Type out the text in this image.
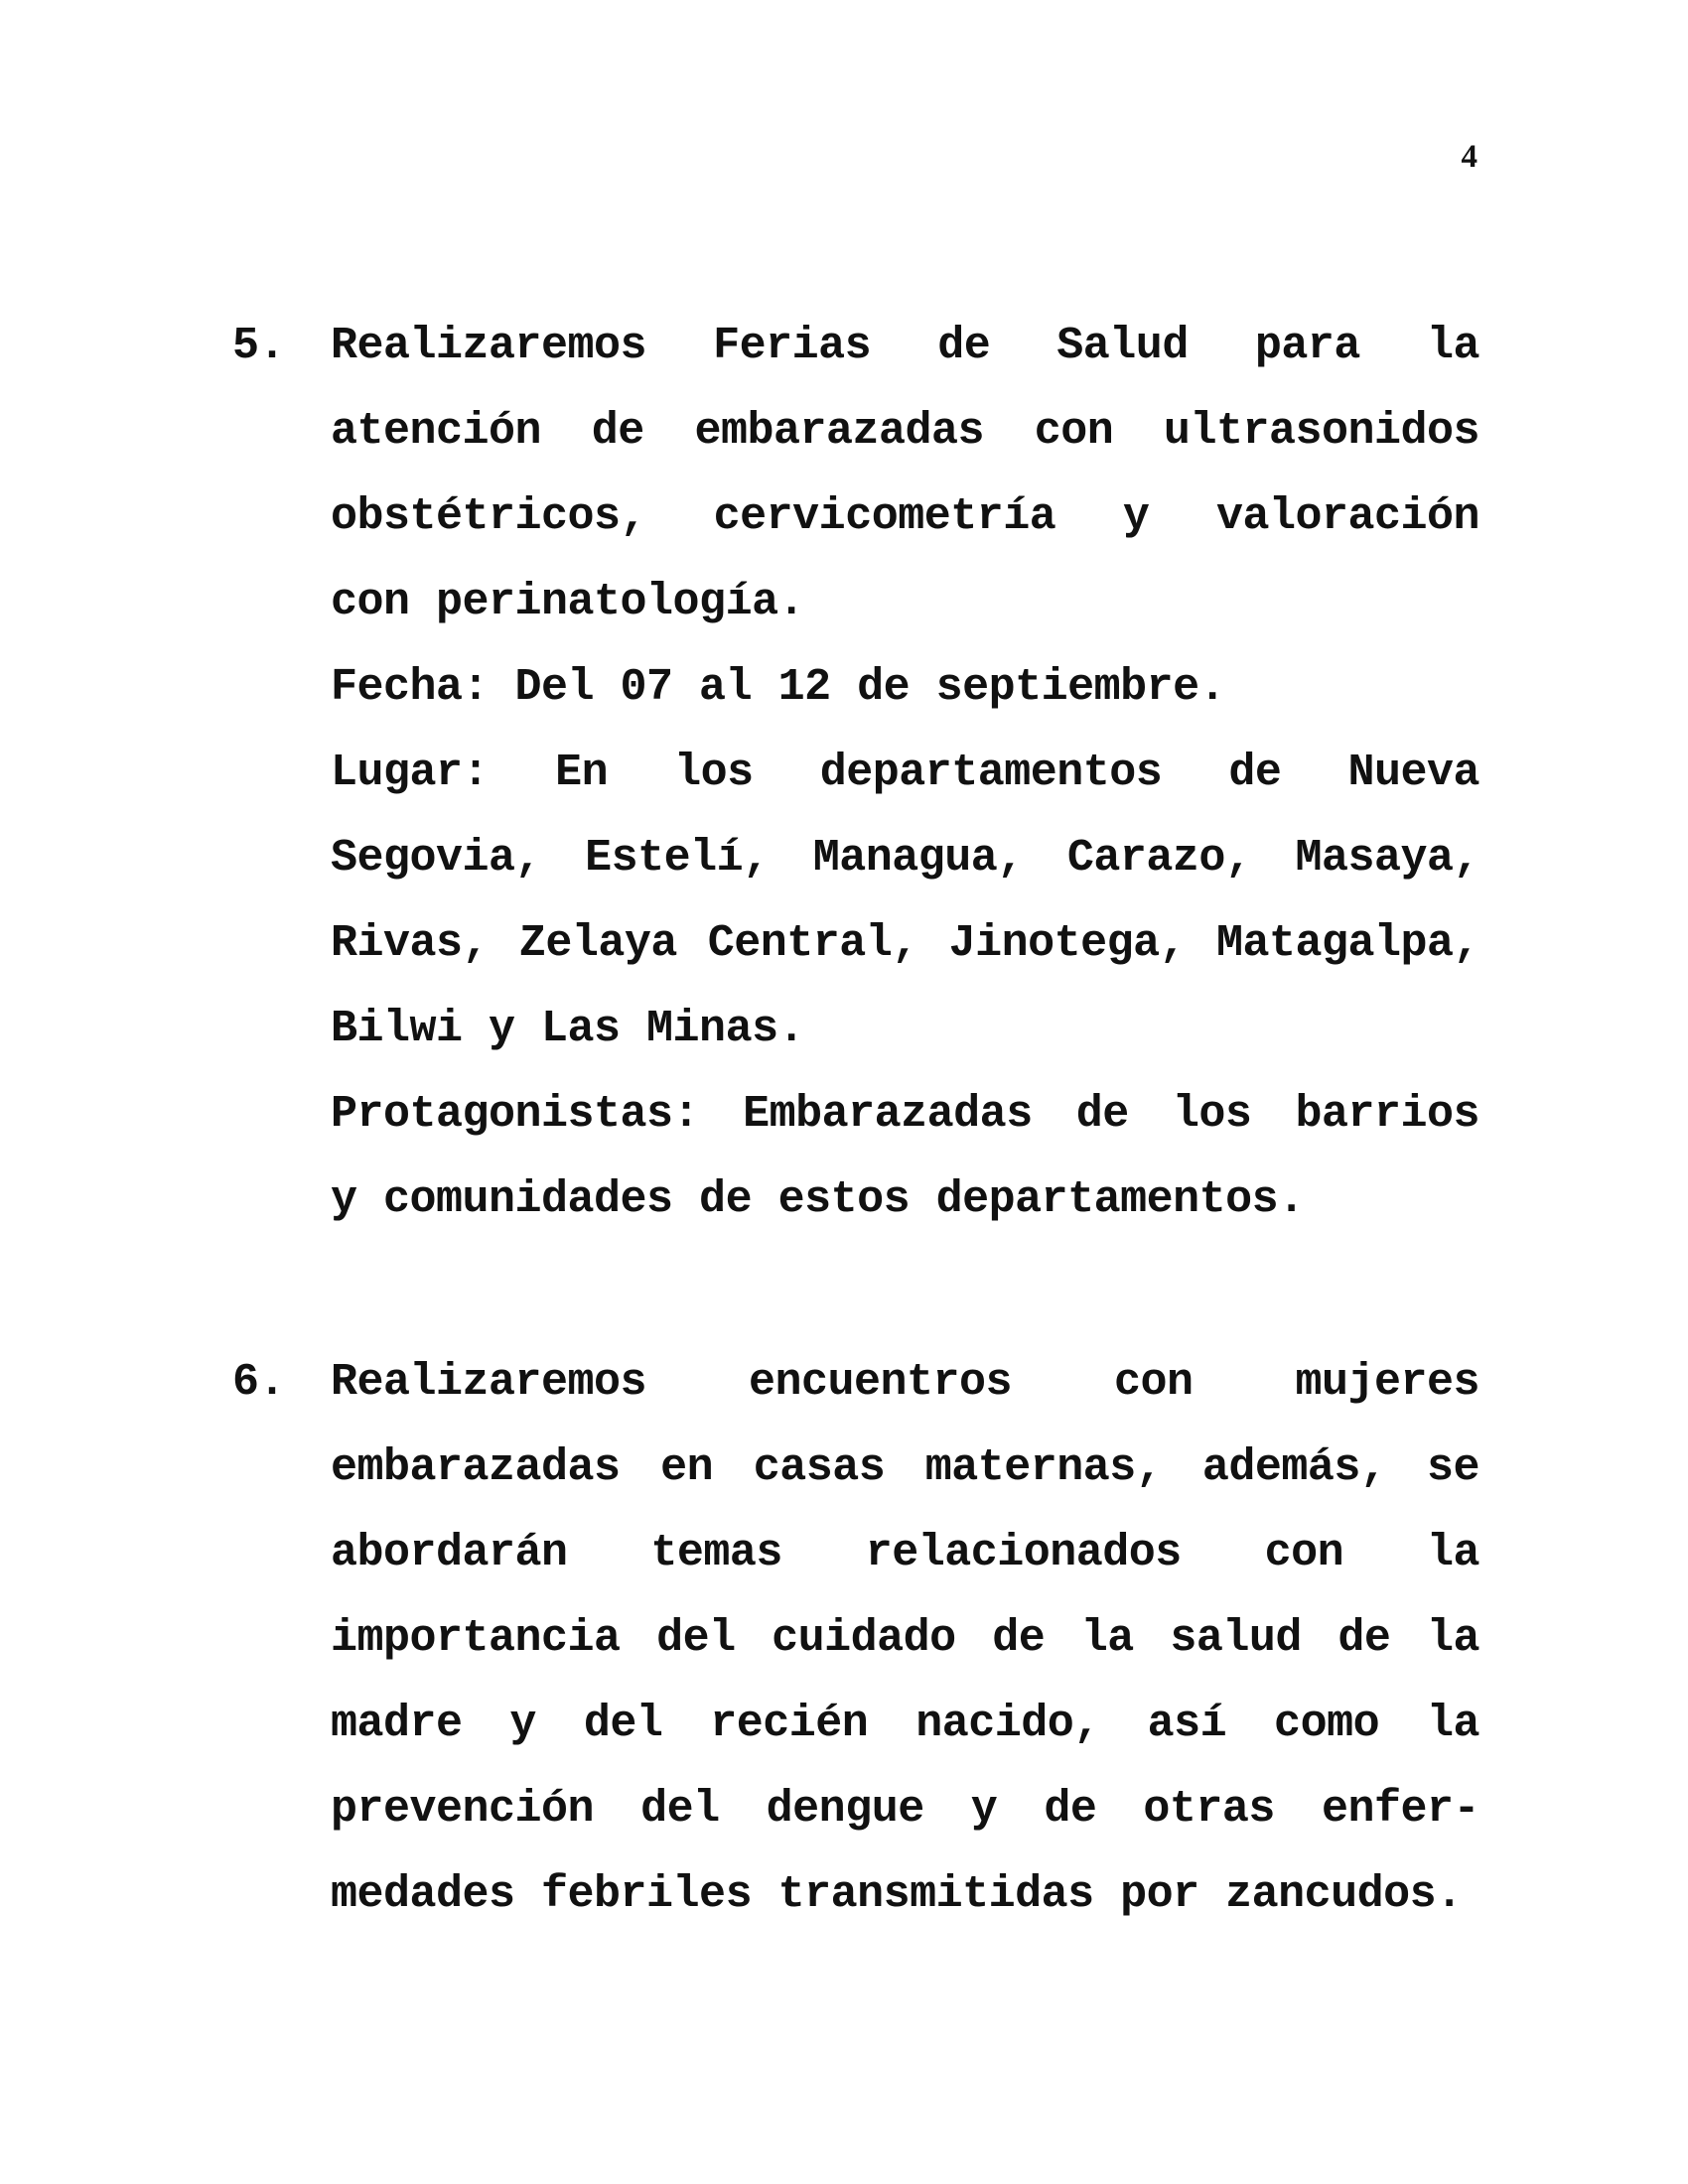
4
5. Realizaremos Ferias de Salud para la
atención de embarazadas con ultrasonidos
obstétricos, cervicometría y valoración
con perinatología.
Fecha: Del 07 al 12 de septiembre.
Lugar: En los departamentos de Nueva
Segovia, Estelí, Managua, Carazo, Masaya,
Rivas, Zelaya Central, Jinotega, Matagalpa,
Bilwi y Las Minas.
Protagonistas: Embarazadas de los barrios
y comunidades de estos departamentos.
6. Realizaremos encuentros con mujeres
embarazadas en casas maternas, además, se
abordarán temas relacionados con la
importancia del cuidado de la salud de la
madre y del recién nacido, así como la
prevención del dengue y de otras enfer-
medades febriles transmitidas por zancudos.
